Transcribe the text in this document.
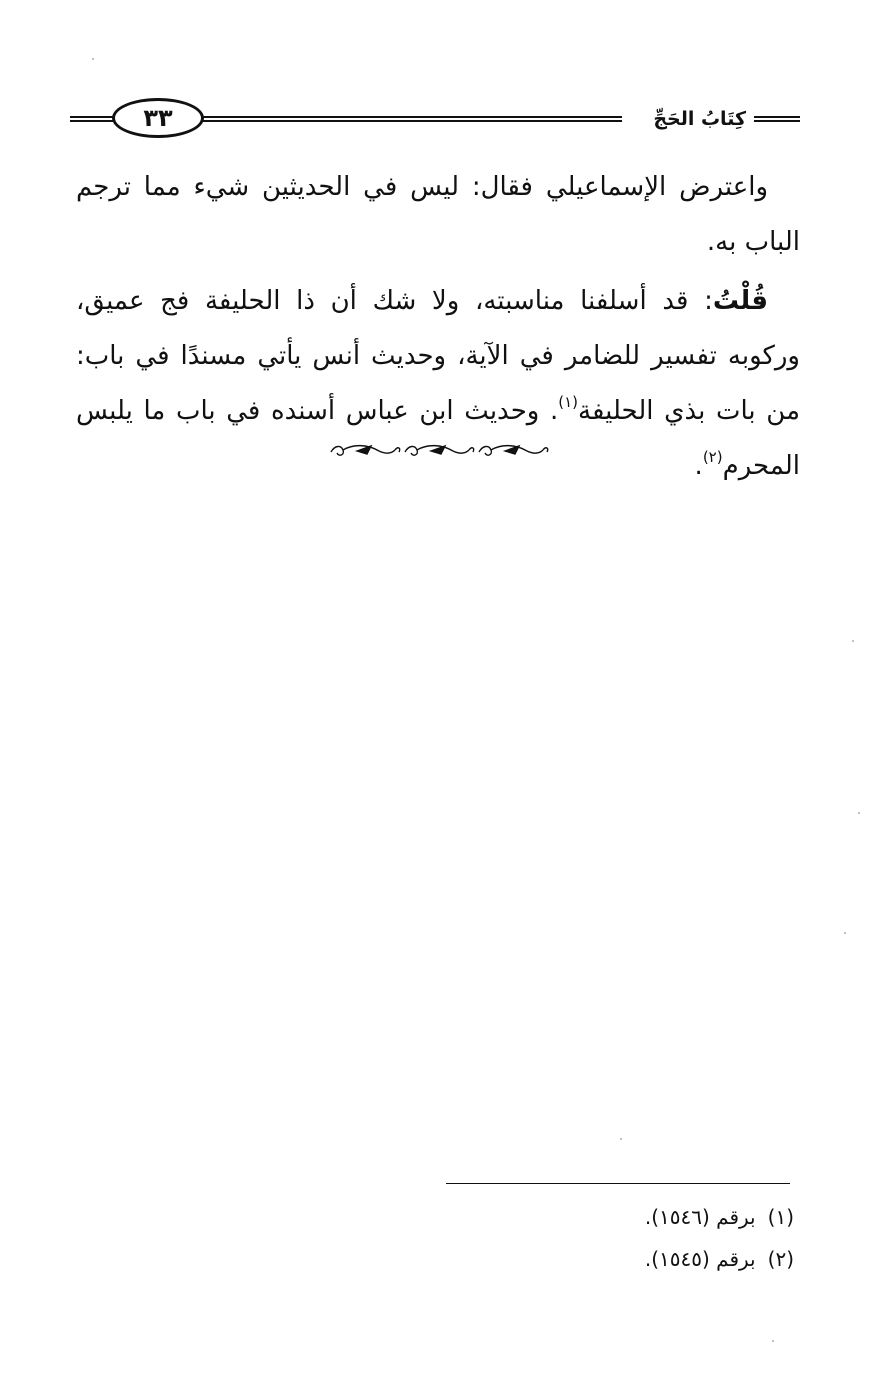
٣٣	كِتَابُ الحَجِّ

واعترض الإسماعيلي فقال: ليس في الحديثين شيء مما ترجم الباب به.

قُلْتُ: قد أسلفنا مناسبته، ولا شك أن ذا الحليفة فج عميق، وركوبه تفسير للضامر في الآية، وحديث أنس يأتي مسندًا في باب: من بات بذي الحليفة$^{(١)}$. وحديث ابن عباس أسنده في باب ما يلبس المحرم$^{(٢)}$.

(١)برقم (١٥٤٦).
(٢)برقم (١٥٤٥).
